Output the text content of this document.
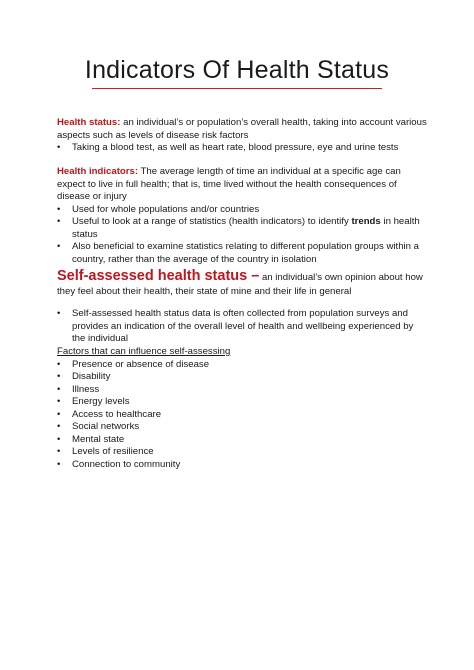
Indicators Of Health Status
Health status: an individual’s or population’s overall health, taking into account various aspects such as levels of disease risk factors
• Taking a blood test, as well as heart rate, blood pressure, eye and urine tests
Health indicators: The average length of time an individual at a specific age can expect to live in full health; that is, time lived without the health consequences of disease or injury
• Used for whole populations and/or countries
• Useful to look at a range of statistics (health indicators) to identify trends in health status
• Also beneficial to examine statistics relating to different population groups within a country, rather than the average of the country in isolation
Self-assessed health status – an individual’s own opinion about how they feel about their health, their state of mine and their life in general
• Self-assessed health status data is often collected from population surveys and provides an indication of the overall level of health and wellbeing experienced by the individual
Factors that can influence self-assessing
• Presence or absence of disease
• Disability
• Illness
• Energy levels
• Access to healthcare
• Social networks
• Mental state
• Levels of resilience
• Connection to community
